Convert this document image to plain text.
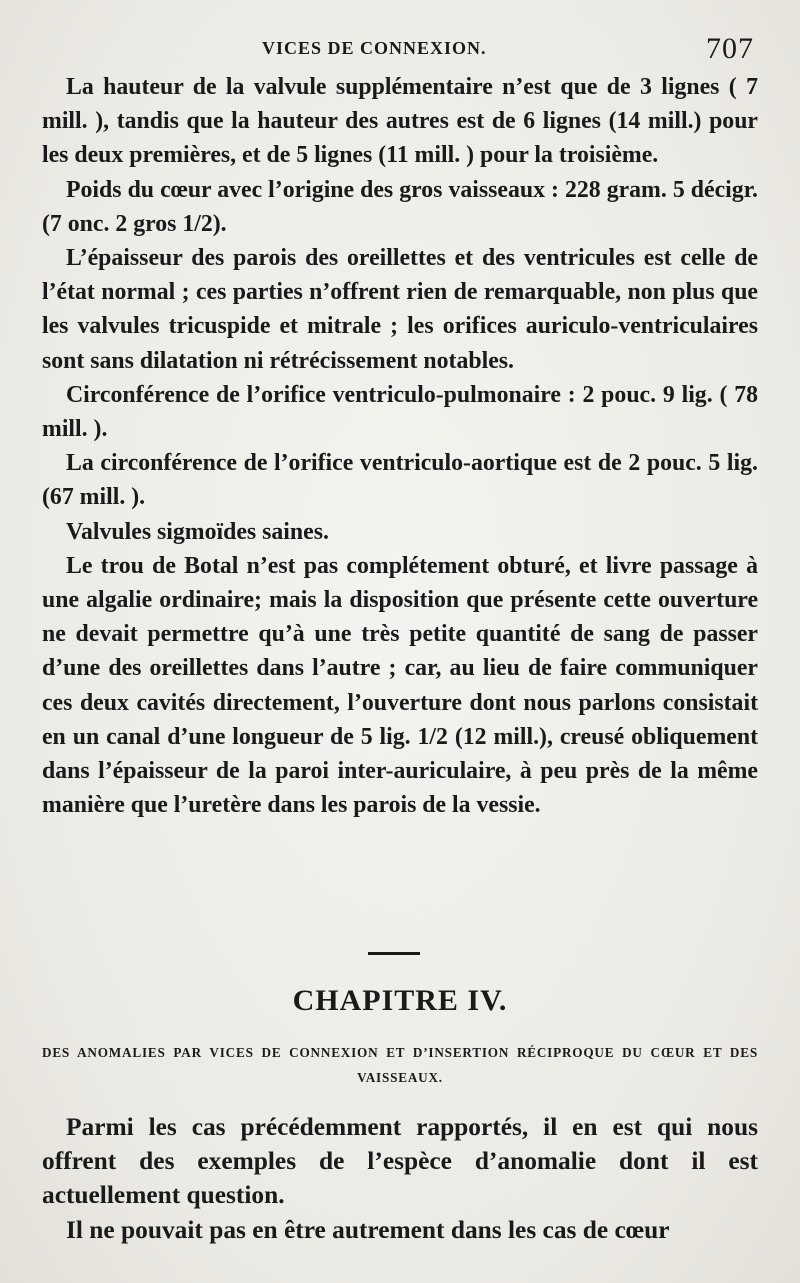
VICES DE CONNEXION.	707

La hauteur de la valvule supplémentaire n’est que de 3 lignes ( 7 mill. ), tandis que la hauteur des autres est de 6 lignes (14 mill.) pour les deux premières, et de 5 lignes (11 mill. ) pour la troisième.

Poids du cœur avec l’origine des gros vaisseaux : 228 gram. 5 décigr. (7 onc. 2 gros 1/2).

L’épaisseur des parois des oreillettes et des ventricules est celle de l’état normal ; ces parties n’offrent rien de remarquable, non plus que les valvules tricuspide et mitrale ; les orifices auriculo-ventriculaires sont sans dilatation ni rétrécissement notables.

Circonférence de l’orifice ventriculo-pulmonaire : 2 pouc. 9 lig. ( 78 mill. ).

La circonférence de l’orifice ventriculo-aortique est de 2 pouc. 5 lig. (67 mill. ).

Valvules sigmoïdes saines.

Le trou de Botal n’est pas complétement obturé, et livre passage à une algalie ordinaire; mais la disposition que présente cette ouverture ne devait permettre qu’à une très petite quantité de sang de passer d’une des oreillettes dans l’autre ; car, au lieu de faire communiquer ces deux cavités directement, l’ouverture dont nous parlons consistait en un canal d’une longueur de 5 lig. 1/2 (12 mill.), creusé obliquement dans l’épaisseur de la paroi inter-auriculaire, à peu près de la même manière que l’uretère dans les parois de la vessie.

CHAPITRE IV.
DES ANOMALIES PAR VICES DE CONNEXION ET D’INSERTION RÉCIPROQUE DU CŒUR ET DES VAISSEAUX.

Parmi les cas précédemment rapportés, il en est qui nous offrent des exemples de l’espèce d’anomalie dont il est actuellement question.

Il ne pouvait pas en être autrement dans les cas de cœur
